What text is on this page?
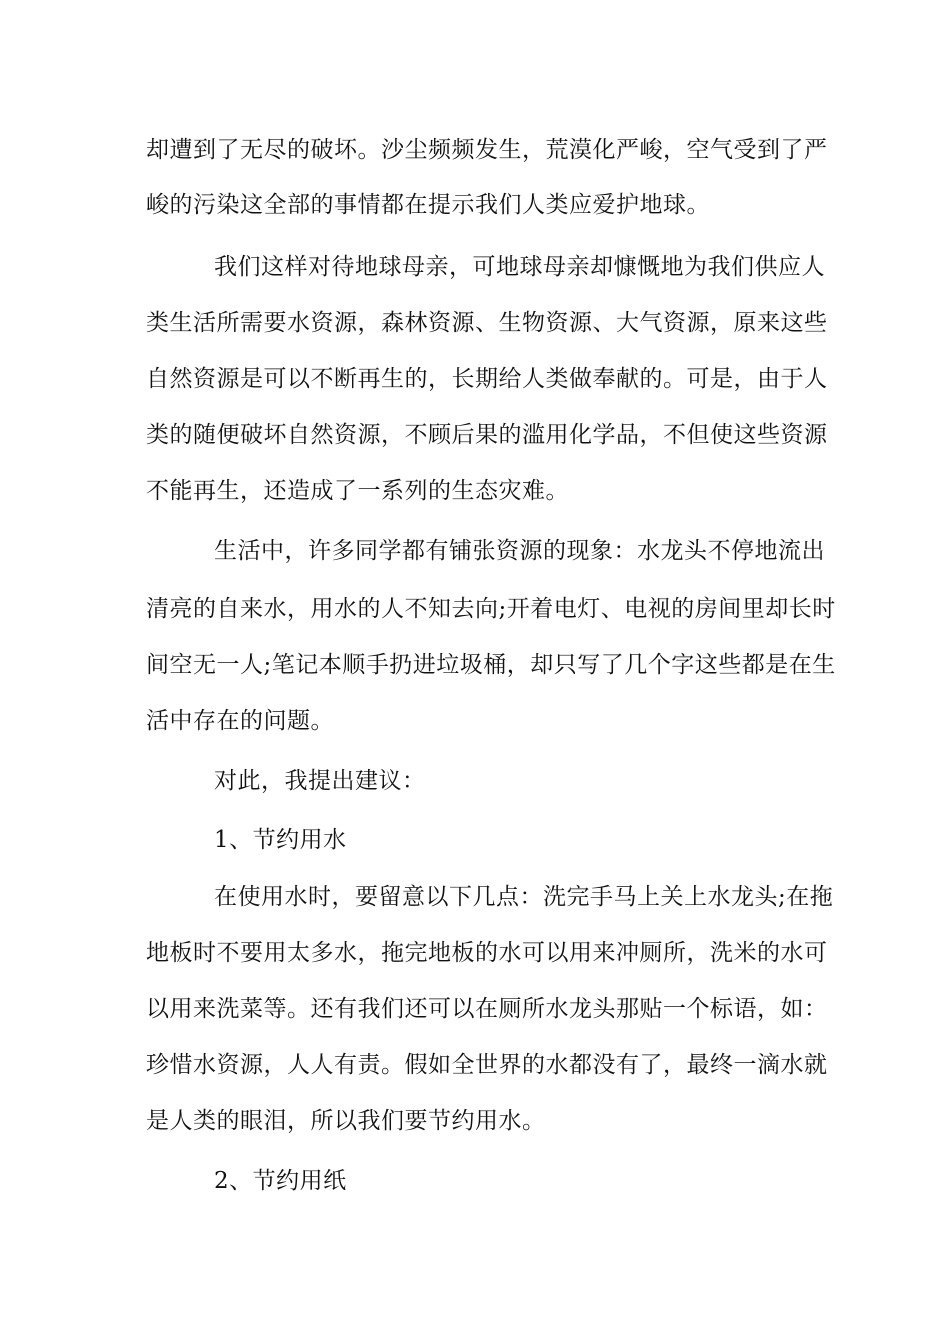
却遭到了无尽的破坏。沙尘频频发生，荒漠化严峻，空气受到了严
峻的污染这全部的事情都在提示我们人类应爱护地球。
我们这样对待地球母亲，可地球母亲却慷慨地为我们供应人
类生活所需要水资源，森林资源、生物资源、大气资源，原来这些
自然资源是可以不断再生的，长期给人类做奉献的。可是，由于人
类的随便破坏自然资源，不顾后果的滥用化学品，不但使这些资源
不能再生，还造成了一系列的生态灾难。
生活中，许多同学都有铺张资源的现象：水龙头不停地流出
清亮的自来水，用水的人不知去向;开着电灯、电视的房间里却长时
间空无一人;笔记本顺手扔进垃圾桶，却只写了几个字这些都是在生
活中存在的问题。
对此，我提出建议：
1、节约用水
在使用水时，要留意以下几点：洗完手马上关上水龙头;在拖
地板时不要用太多水，拖完地板的水可以用来冲厕所，洗米的水可
以用来洗菜等。还有我们还可以在厕所水龙头那贴一个标语，如：
珍惜水资源，人人有责。假如全世界的水都没有了，最终一滴水就
是人类的眼泪，所以我们要节约用水。
2、节约用纸
